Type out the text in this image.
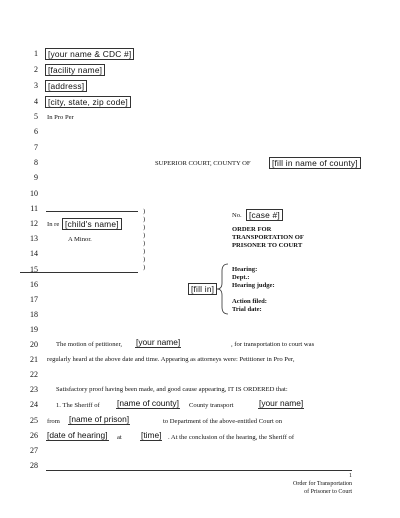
1
2
3
4
5
6
7
8
9
10
11
12
13
14
15
16
17
18
19
20
21
22
23
24
25
26
27
28
[your name & CDC #]
[facility name]
[address]
[city, state, zip code]
In Pro Per
SUPERIOR COURT, COUNTY OF	[fill in name of county]
In re [child's name]
A Minor.
)
)
)
)
)
)
)
)
No. [case #]
ORDER FOR
TRANSPORTATION OF
PRISONER TO COURT
[fill in]
Hearing:
Dept.:
Hearing judge:
Action filed:
Trial date:
The motion of petitioner, [your name]	, for transportation to court was
regularly heard at the above date and time. Appearing as attorneys were: Petitioner in Pro Per,
Satisfactory proof having been made, and good cause appearing, IT IS ORDERED that:
1. The Sheriff of [name of county] County transport	[your name]
from [name of prison]	to Department of the above-entitled Court on
[date of hearing] at [time] . At the conclusion of the hearing, the Sheriff of
1
Order for Transportation
of Prisoner to Court
